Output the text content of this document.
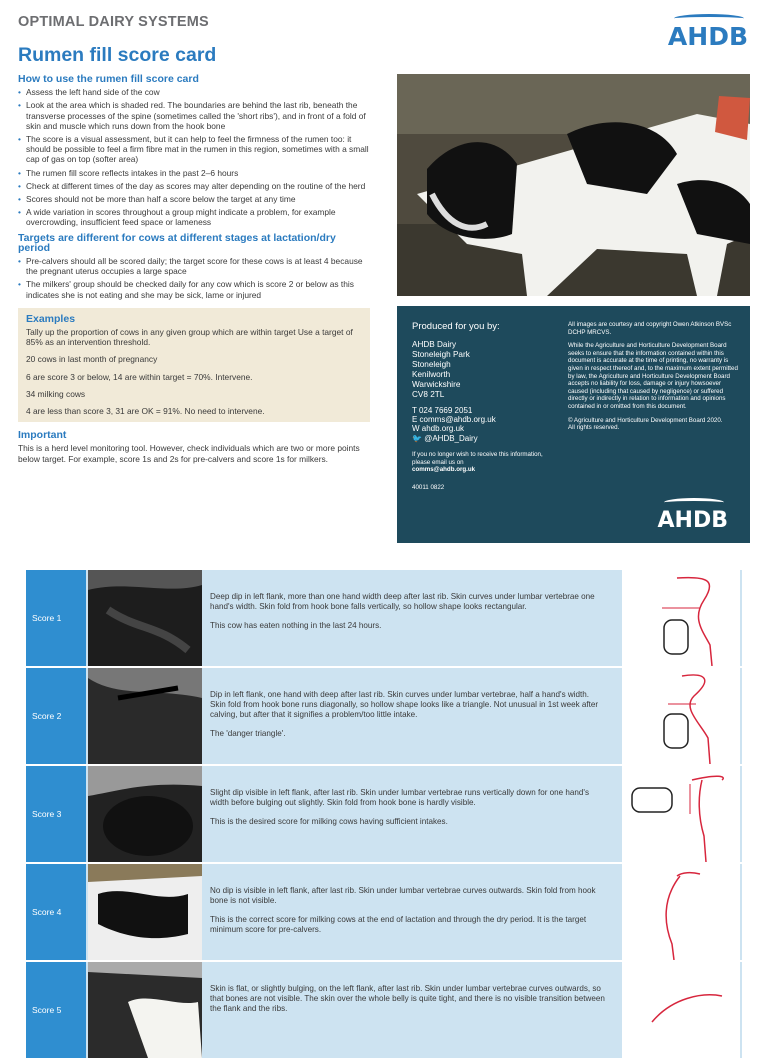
OPTIMAL DAIRY SYSTEMS	AHDB
Rumen fill score card
How to use the rumen fill score card
• Assess the left hand side of the cow
• Look at the area which is shaded red. The boundaries are behind the last rib, beneath the transverse processes of the spine (sometimes called the 'short ribs'), and in front of a fold of skin and muscle which runs down from the hook bone
• The score is a visual assessment, but it can help to feel the firmness of the rumen too: it should be possible to feel a firm fibre mat in the rumen in this region, sometimes with a small cap of gas on top (softer area)
• The rumen fill score reflects intakes in the past 2–6 hours
• Check at different times of the day as scores may alter depending on the routine of the herd
• Scores should not be more than half a score below the target at any time
• A wide variation in scores throughout a group might indicate a problem, for example overcrowding, insufficient feed space or lameness
Targets are different for cows at different stages at lactation/dry period
• Pre-calvers should all be scored daily; the target score for these cows is at least 4 because the pregnant uterus occupies a large space
• The milkers' group should be checked daily for any cow which is score 2 or below as this indicates she is not eating and she may be sick, lame or injured
Examples

Tally up the proportion of cows in any given group which are within target Use a target of 85% as an intervention threshold.

20 cows in last month of pregnancy

6 are score 3 or below, 14 are within target = 70%. Intervene.

34 milking cows

4 are less than score 3, 31 are OK = 91%. No need to intervene.

Important

This is a herd level monitoring tool. However, check individuals which are two or more points below target. For example, score 1s and 2s for pre-calvers and score 1s for milkers.

Produced for you by:
AHDB Dairy
Stoneleigh Park
Stoneleigh
Kenilworth
Warwickshire
CV8 2TL
T 024 7669 2051
E comms@ahdb.org.uk
W ahdb.org.uk
🐦 @AHDB_Dairy
If you no longer wish to receive this information, please email us on
comms@ahdb.org.uk
40011 0822

All images are courtesy and copyright Owen Atkinson BVSc DCHP MRCVS.

While the Agriculture and Horticulture Development Board seeks to ensure that the information contained within this document is accurate at the time of printing, no warranty is given in respect thereof and, to the maximum extent permitted by law, the Agriculture and Horticulture Development Board accepts no liability for loss, damage or injury howsoever caused (including that caused by negligence) or suffered directly or indirectly in relation to information and opinions contained in or omitted from this document.

© Agriculture and Horticulture Development Board 2020.
All rights reserved.

AHDB
Score 1

Deep dip in left flank, more than one hand width deep after last rib. Skin curves under lumbar vertebrae one hand's width. Skin fold from hook bone falls vertically, so hollow shape looks rectangular.

This cow has eaten nothing in the last 24 hours.

Score 2

Dip in left flank, one hand with deep after last rib. Skin curves under lumbar vertebrae, half a hand's width. Skin fold from hook bone runs diagonally, so hollow shape looks like a triangle. Not unusual in 1st week after calving, but after that it signifies a problem/too little intake.

The 'danger triangle'.

Score 3

Slight dip visible in left flank, after last rib. Skin under lumbar vertebrae runs vertically down for one hand's width before bulging out slightly. Skin fold from hook bone is hardly visible.

This is the desired score for milking cows having sufficient intakes.

Score 4

No dip is visible in left flank, after last rib. Skin under lumbar vertebrae curves outwards. Skin fold from hook bone is not visible.

This is the correct score for milking cows at the end of lactation and through the dry period. It is the target minimum score for pre-calvers.

Score 5

Skin is flat, or slightly bulging, on the left flank, after last rib. Skin under lumbar vertebrae curves outwards, so that bones are not visible. The skin over the whole belly is quite tight, and there is no visible transition between the flank and the ribs.
